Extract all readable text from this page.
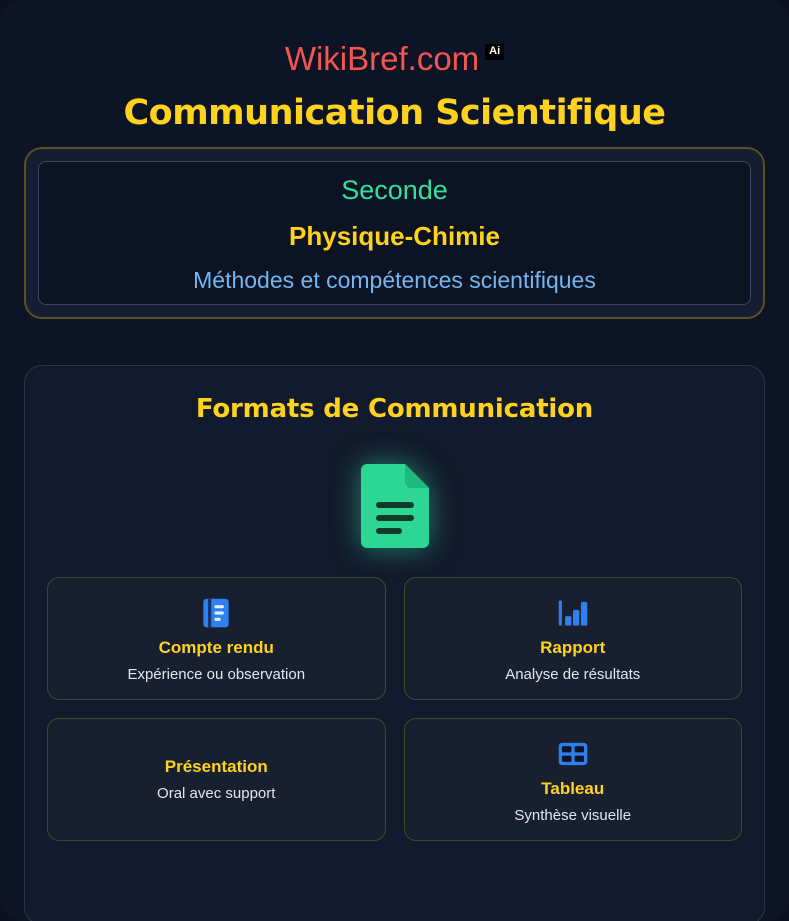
WikiBref.com Ai
Communication Scientifique
Seconde
Physique-Chimie
Méthodes et compétences scientifiques
Formats de Communication
Compte rendu
Expérience ou observation
Rapport
Analyse de résultats
Présentation
Oral avec support	Tableau
Synthèse visuelle
